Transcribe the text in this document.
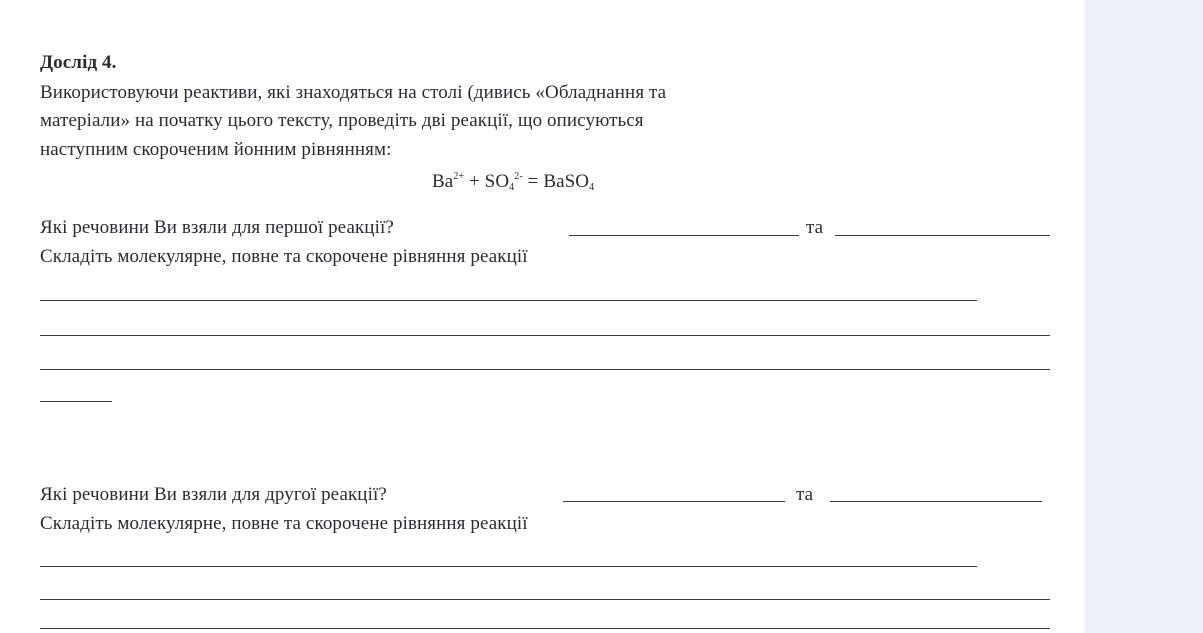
Дослід 4.
Використовуючи реактиви, які знаходяться на столі (дивись «Обладнання та
матеріали» на початку цього тексту, проведіть дві реакції, що описуються
наступним скороченим йонним рівнянням:
$Ba^{2+} + SO_4^{2-}$ = BaSO$_4$
Які речовини Ви взяли для першої реакції?	та
Складіть молекулярне, повне та скорочене рівняння реакції
Які речовини Ви взяли для другої реакції?	та
Складіть молекулярне, повне та скорочене рівняння реакції
